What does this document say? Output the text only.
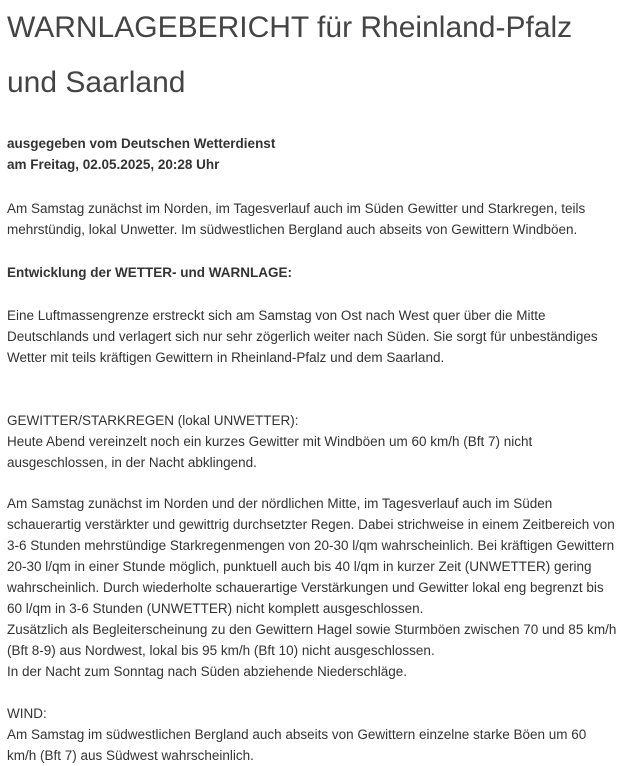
WARNLAGEBERICHT für Rheinland-Pfalz
und Saarland
ausgegeben vom Deutschen Wetterdienst
am Freitag, 02.05.2025, 20:28 Uhr

Am Samstag zunächst im Norden, im Tagesverlauf auch im Süden Gewitter und Starkregen, teils mehrstündig, lokal Unwetter. Im südwestlichen Bergland auch abseits von Gewittern Windböen.

Entwicklung der WETTER- und WARNLAGE:

Eine Luftmassengrenze erstreckt sich am Samstag von Ost nach West quer über die Mitte Deutschlands und verlagert sich nur sehr zögerlich weiter nach Süden. Sie sorgt für unbeständiges Wetter mit teils kräftigen Gewittern in Rheinland-Pfalz und dem Saarland.

GEWITTER/STARKREGEN (lokal UNWETTER):
Heute Abend vereinzelt noch ein kurzes Gewitter mit Windböen um 60 km/h (Bft 7) nicht ausgeschlossen, in der Nacht abklingend.
Am Samstag zunächst im Norden und der nördlichen Mitte, im Tagesverlauf auch im Süden schauerartig verstärkter und gewittrig durchsetzter Regen. Dabei strichweise in einem Zeitbereich von 3-6 Stunden mehrstündige Starkregenmengen von 20-30 l/qm wahrscheinlich. Bei kräftigen Gewittern 20-30 l/qm in einer Stunde möglich, punktuell auch bis 40 l/qm in kurzer Zeit (UNWETTER) gering wahrscheinlich. Durch wiederholte schauerartige Verstärkungen und Gewitter lokal eng begrenzt bis 60 l/qm in 3-6 Stunden (UNWETTER) nicht komplett ausgeschlossen.
Zusätzlich als Begleiterscheinung zu den Gewittern Hagel sowie Sturmböen zwischen 70 und 85 km/h (Bft 8-9) aus Nordwest, lokal bis 95 km/h (Bft 10) nicht ausgeschlossen.
In der Nacht zum Sonntag nach Süden abziehende Niederschläge.
WIND:
Am Samstag im südwestlichen Bergland auch abseits von Gewittern einzelne starke Böen um 60 km/h (Bft 7) aus Südwest wahrscheinlich.
